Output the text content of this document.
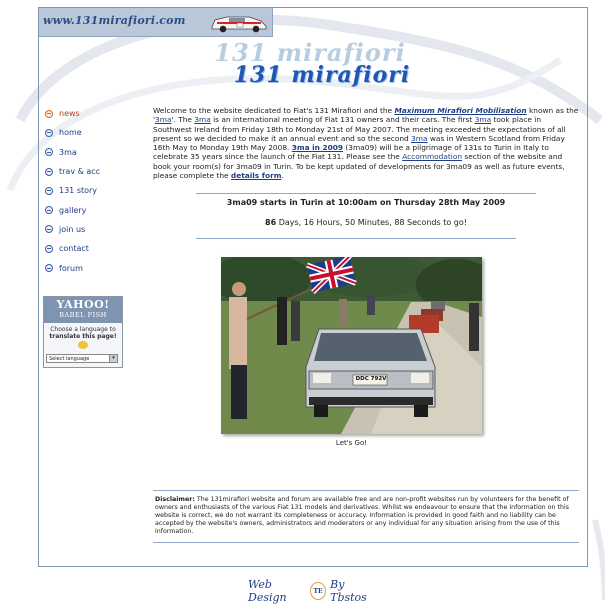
www.131mirafiori.com
131 mirafiori
131 mirafiori
news
home
3ma
trav & acc
131 story
gallery
join us
contact
forum
YAHOO!
BABEL FISH
Choose a language to
translate this page!
Select language	▾
Welcome to the website dedicated to Fiat's 131 Mirafiori and the Maximum Mirafiori Mobilisation known as the '3ma'. The 3ma is an international meeting of Fiat 131 owners and their cars. The first 3ma took place in Southwest Ireland from Friday 18th to Monday 21st of May 2007. The meeting exceeded the expectations of all present so we decided to make it an annual event and so the second 3ma was in Western Scotland from Friday 16th May to Monday 19th May 2008. 3ma in 2009 (3ma09) will be a pilgrimage of 131s to Turin in Italy to celebrate 35 years since the launch of the Fiat 131. Please see the Accommodation section of the website and book your room(s) for 3ma09 in Turin. To be kept updated of developments for 3ma09 as well as future events, please complete the details form.
3ma09 starts in Turin at 10:00am on Thursday 28th May 2009
86 Days, 16 Hours, 50 Minutes, 88 Seconds to go!
DDC 792V
Let's Go!
Disclaimer: The 131mirafiori website and forum are available free and are non-profit websites run by volunteers for the benefit of owners and enthusiasts of the various Fiat 131 models and derivatives. Whilst we endeavour to ensure that the information on this website is correct, we do not warrant its completeness or accuracy. Information is provided in good faith and no liability can be accepted by the website's owners, administrators and moderators or any individual for any situation arising from the use of this information.
Web Design	TE By Tbstos
